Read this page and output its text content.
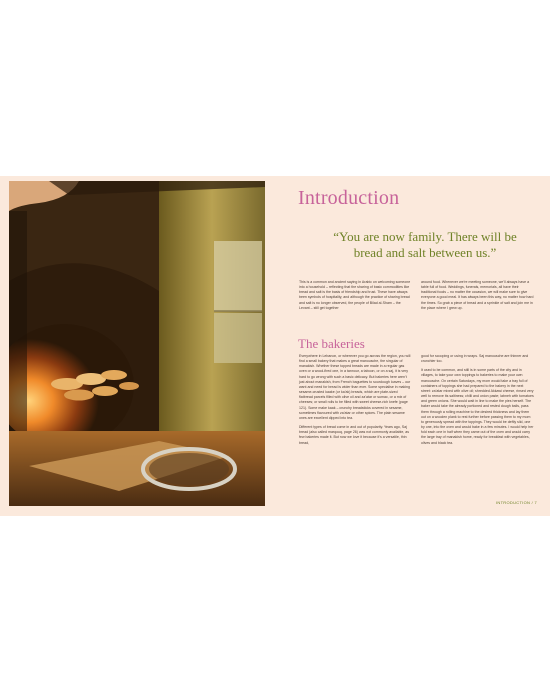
Introduction

“You are now family. There will be bread and salt between us.”

This is a common and ancient saying in Arabic on welcoming someone into a household – reflecting that the sharing of basic commodities like bread and salt is the basis of friendship and trust. These have always been symbols of hospitality, and although the practice of sharing bread and salt is no longer observed, the people of Bilad al-Sham – the Levant – still get together

around food. Whenever we’re meeting someone, we’ll always have a table full of food. Weddings, funerals, memorials, all have their traditional foods – no matter the occasion, we will make sure to give everyone a good meal. It has always been this way, no matter how hard the times. So grab a piece of bread and a sprinkle of salt and join me in the place where I grew up.

The bakeries

Everywhere in Lebanon, or wherever you go across the region, you will find a small bakery that makes a great manousche, the singular of manakish. Whether these topped breads are made in a regular gas oven or a wood-fired one, in a tannour, a taboon, or on a saj, it is very hard to go wrong with such a basic delicacy. But bakeries here aren’t just about manakish, from French baguettes to sourdough loaves – our want and need for bread is wider than ever. Some specialise in making sesame-crusted kaake (or ka’ak) breads, which are plate-sized flatbread parcels filled with olive oil and za’atar or sumac, or a mix of cheeses; or small rolls to be filled with sweet cheese-rich knefe (page 121). Some make kaak – crunchy breadsticks covered in sesame, sometimes flavoured with za’atar or other spices. The plain sesame ones are excellent dipped into tea.

Different types of bread come in and out of popularity. Years ago, Saj bread (also called marqouq, page 26) was not commonly available, as few bakeries made it. But now we love it because it’s a versatile, thin bread,

good for scooping or using in wraps. Saj manousche are thinner and crunchier too.

It used to be common, and still is in some parts of the city and in villages, to take your own toppings to bakeries to make your own manousche. On certain Saturdays, my mom would take a tray full of containers of toppings she had prepared to the bakery in the next street: za’atar mixed with olive oil; shredded Akkawi cheese, rinsed very well to remove its saltiness; chilli and onion paste; labneh with tomatoes and green onions. She would wait in line to make the pies herself. The baker would take the already portioned and rested dough balls, pass them through a rolling machine to the desired thickness and lay them out on a wooden plank to rest further before passing them to my mom to generously spread with the toppings. They would be deftly slid, one by one, into the oven and would bake in a few minutes. I would help her fold each one in half when they came out of the oven and would carry the large tray of manakish home, ready for breakfast with vegetables, olives and black tea.

INTRODUCTION / 7
